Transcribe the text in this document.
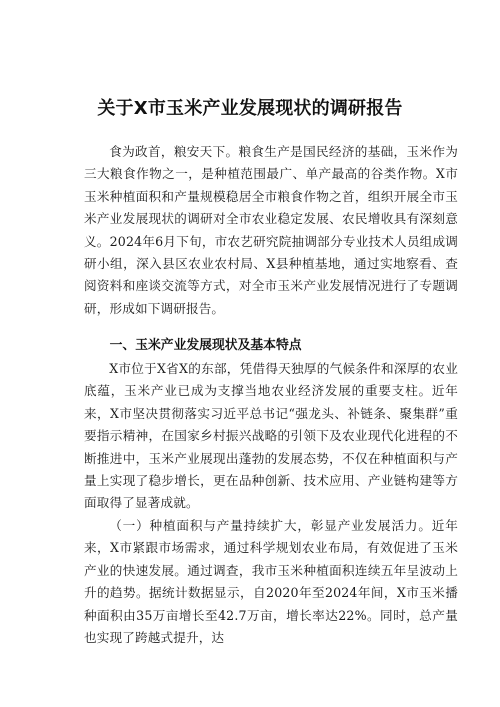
关于X市玉米产业发展现状的调研报告

食为政首，粮安天下。粮食生产是国民经济的基础，玉米作为三大粮食作物之一，是种植范围最广、单产最高的谷类作物。X市玉米种植面积和产量规模稳居全市粮食作物之首，组织开展全市玉米产业发展现状的调研对全市农业稳定发展、农民增收具有深刻意义。2024年6月下旬，市农艺研究院抽调部分专业技术人员组成调研小组，深入县区农业农村局、X县种植基地，通过实地察看、查阅资料和座谈交流等方式，对全市玉米产业发展情况进行了专题调研，形成如下调研报告。

一、玉米产业发展现状及基本特点

X市位于X省X的东部，凭借得天独厚的气候条件和深厚的农业底蕴，玉米产业已成为支撑当地农业经济发展的重要支柱。近年来，X市坚决贯彻落实习近平总书记“强龙头、补链条、聚集群”重要指示精神，在国家乡村振兴战略的引领下及农业现代化进程的不断推进中，玉米产业展现出蓬勃的发展态势，不仅在种植面积与产量上实现了稳步增长，更在品种创新、技术应用、产业链构建等方面取得了显著成就。

（一）种植面积与产量持续扩大，彰显产业发展活力。近年来，X市紧跟市场需求，通过科学规划农业布局，有效促进了玉米产业的快速发展。通过调查，我市玉米种植面积连续五年呈波动上升的趋势。据统计数据显示，自2020年至2024年间，X市玉米播种面积由35万亩增长至42.7万亩，增长率达22%。同时，总产量也实现了跨越式提升，达
